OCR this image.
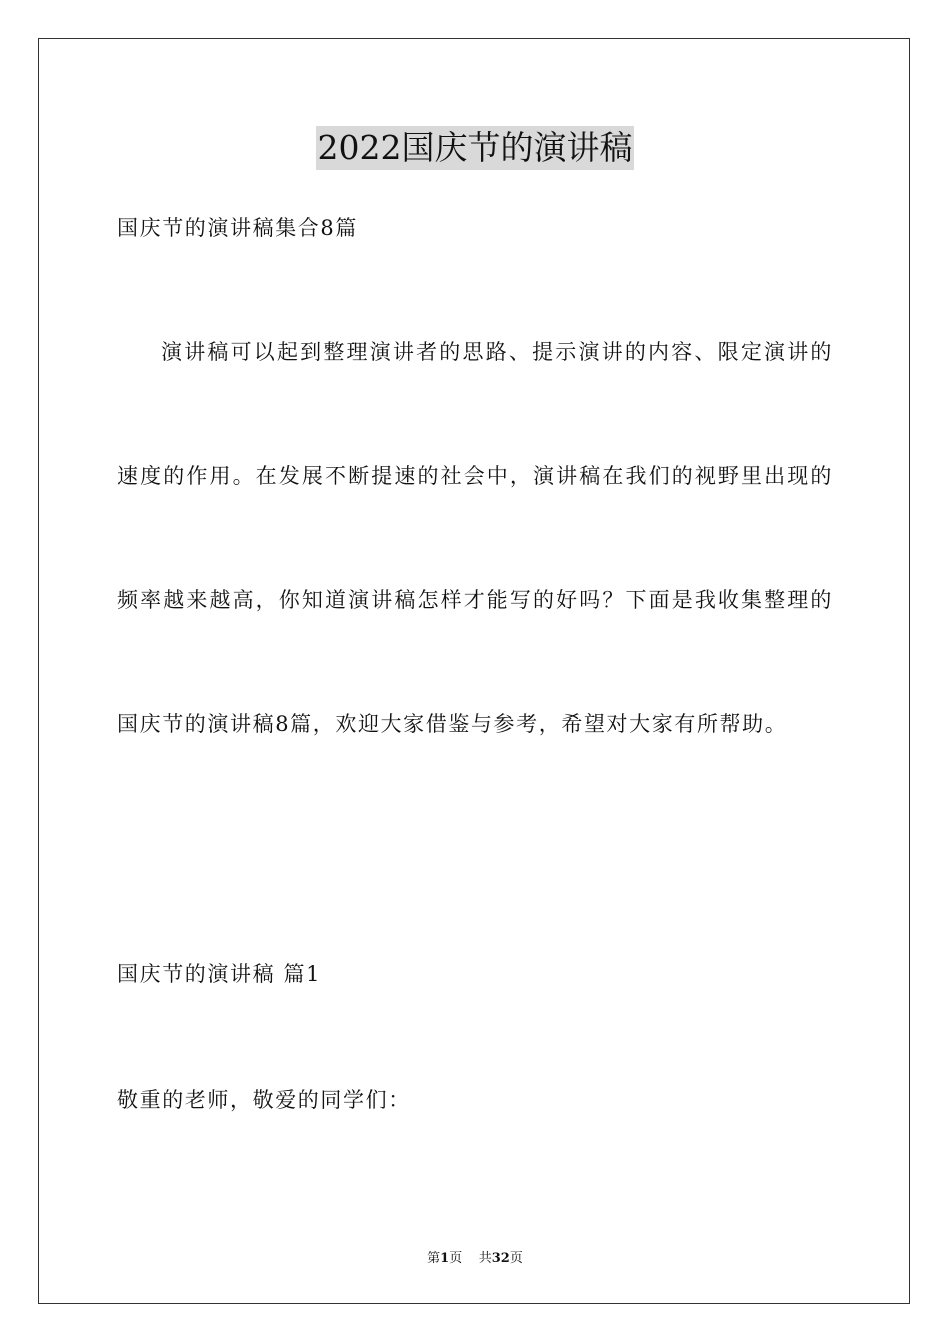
2022国庆节的演讲稿
国庆节的演讲稿集合8篇
演讲稿可以起到整理演讲者的思路、提示演讲的内容、限定演讲的速度的作用。在发展不断提速的社会中，演讲稿在我们的视野里出现的频率越来越高，你知道演讲稿怎样才能写的好吗？下面是我收集整理的国庆节的演讲稿8篇，欢迎大家借鉴与参考，希望对大家有所帮助。
国庆节的演讲稿 篇1
敬重的老师，敬爱的同学们：
第1页 共32页
